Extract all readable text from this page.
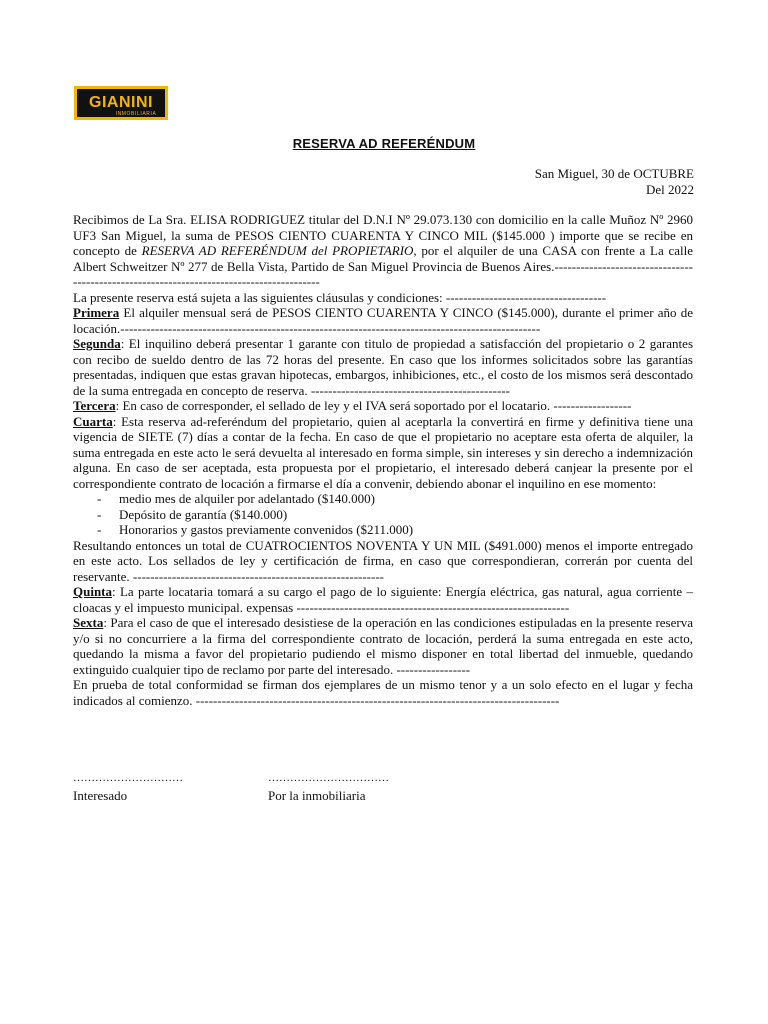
GIANINI
INMOBILIARIA
RESERVA AD REFERÉNDUM
San Miguel, 30 de OCTUBRE
Del 2022

Recibimos de La Sra. ELISA RODRIGUEZ titular del D.N.I Nº 29.073.130 con domicilio en la calle Muñoz Nº 2960 UF3 San Miguel, la suma de PESOS CIENTO CUARENTA Y CINCO MIL ($145.000 ) importe que se recibe en concepto de RESERVA AD REFERÉNDUM del PROPIETARIO, por el alquiler de una CASA con frente a La calle Albert Schweitzer Nº 277 de Bella Vista, Partido de San Miguel Provincia de Buenos Aires.-----------------------------------------------------------------------------------------

La presente reserva está sujeta a las siguientes cláusulas y condiciones: -------------------------------------

Primera El alquiler mensual será de PESOS CIENTO CUARENTA Y CINCO ($145.000), durante el primer año de locación.-------------------------------------------------------------------------------------------------

Segunda: El inquilino deberá presentar 1 garante con titulo de propiedad a satisfacción del propietario o 2 garantes con recibo de sueldo dentro de las 72 horas del presente. En caso que los informes solicitados sobre las garantías presentadas, indiquen que estas gravan hipotecas, embargos, inhibiciones, etc., el costo de los mismos será descontado de la suma entregada en concepto de reserva. ----------------------------------------------

Tercera: En caso de corresponder, el sellado de ley y el IVA será soportado por el locatario. ------------------

Cuarta: Esta reserva ad-referéndum del propietario, quien al aceptarla la convertirá en firme y definitiva tiene una vigencia de SIETE (7) días a contar de la fecha. En caso de que el propietario no aceptare esta oferta de alquiler, la suma entregada en este acto le será devuelta al interesado en forma simple, sin intereses y sin derecho a indemnización alguna. En caso de ser aceptada, esta propuesta por el propietario, el interesado deberá canjear la presente por el correspondiente contrato de locación a firmarse el día a convenir, debiendo abonar el inquilino en ese momento:

- medio mes de alquiler por adelantado ($140.000)
- Depósito de garantía ($140.000)
- Honorarios y gastos previamente convenidos ($211.000)

Resultando entonces un total de CUATROCIENTOS NOVENTA Y UN MIL ($491.000) menos el importe entregado en este acto. Los sellados de ley y certificación de firma, en caso que correspondieran, correrán por cuenta del reservante. ----------------------------------------------------------

Quinta: La parte locataria tomará a su cargo el pago de lo siguiente: Energía eléctrica, gas natural, agua corriente – cloacas y el impuesto municipal. expensas ---------------------------------------------------------------

Sexta: Para el caso de que el interesado desistiese de la operación en las condiciones estipuladas en la presente reserva y/o si no concurriere a la firma del correspondiente contrato de locación, perderá la suma entregada en este acto, quedando la misma a favor del propietario pudiendo el mismo disponer en total libertad del inmueble, quedando extinguido cualquier tipo de reclamo por parte del interesado. -----------------

En prueba de total conformidad se firman dos ejemplares de un mismo tenor y a un solo efecto en el lugar y fecha indicados al comienzo. ------------------------------------------------------------------------------------

…………………………
Interesado
……………………………
Por la inmobiliaria
